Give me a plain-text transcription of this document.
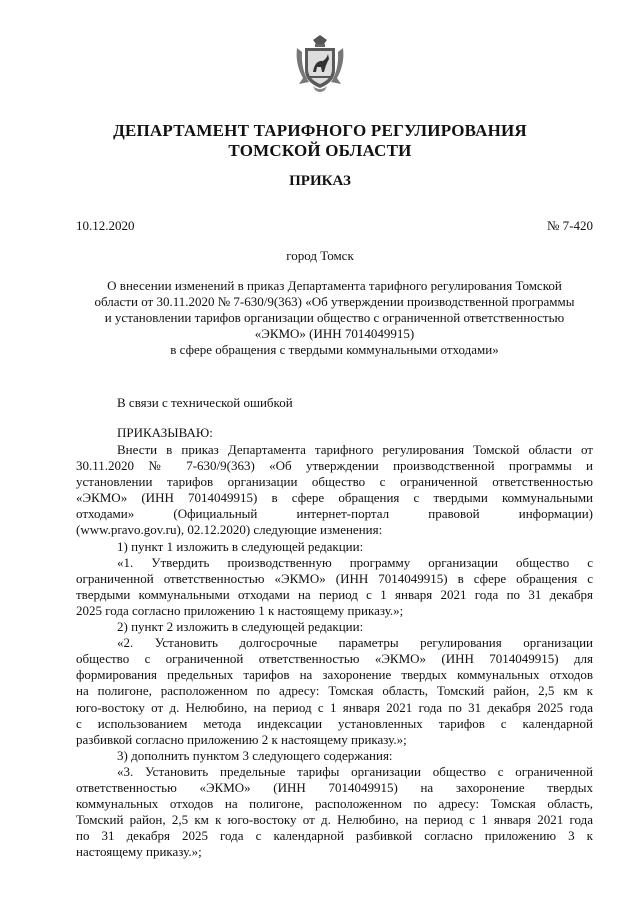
ДЕПАРТАМЕНТ ТАРИФНОГО РЕГУЛИРОВАНИЯ
ТОМСКОЙ ОБЛАСТИ
ПРИКАЗ
10.12.2020	№ 7-420
город Томск
О внесении изменений в приказ Департамента тарифного регулирования Томской
области от 30.11.2020 № 7-630/9(363) «Об утверждении производственной программы
и установлении тарифов организации общество с ограниченной ответственностью
«ЭКМО» (ИНН 7014049915)
в сфере обращения с твердыми коммунальными отходами»
В связи с технической ошибкой
ПРИКАЗЫВАЮ:
Внести в приказ Департамента тарифного регулирования Томской области от
30.11.2020 № 7-630/9(363) «Об утверждении производственной программы и
установлении тарифов организации общество с ограниченной ответственностью
«ЭКМО» (ИНН 7014049915) в сфере обращения с твердыми коммунальными
отходами» (Официальный интернет-портал правовой информации)
(www.pravo.gov.ru), 02.12.2020) следующие изменения:
1) пункт 1 изложить в следующей редакции:
«1. Утвердить производственную программу организации общество с
ограниченной ответственностью «ЭКМО» (ИНН 7014049915) в сфере обращения с
твердыми коммунальными отходами на период с 1 января 2021 года по 31 декабря
2025 года согласно приложению 1 к настоящему приказу.»;
2) пункт 2 изложить в следующей редакции:
«2. Установить долгосрочные параметры регулирования организации
общество с ограниченной ответственностью «ЭКМО» (ИНН 7014049915) для
формирования предельных тарифов на захоронение твердых коммунальных отходов
на полигоне, расположенном по адресу: Томская область, Томский район, 2,5 км к
юго-востоку от д. Нелюбино, на период с 1 января 2021 года по 31 декабря 2025 года
с использованием метода индексации установленных тарифов с календарной
разбивкой согласно приложению 2 к настоящему приказу.»;
3) дополнить пунктом 3 следующего содержания:
«3. Установить предельные тарифы организации общество с ограниченной
ответственностью «ЭКМО» (ИНН 7014049915) на захоронение твердых
коммунальных отходов на полигоне, расположенном по адресу: Томская область,
Томский район, 2,5 км к юго-востоку от д. Нелюбино, на период с 1 января 2021 года
по 31 декабря 2025 года с календарной разбивкой согласно приложению 3 к
настоящему приказу.»;
